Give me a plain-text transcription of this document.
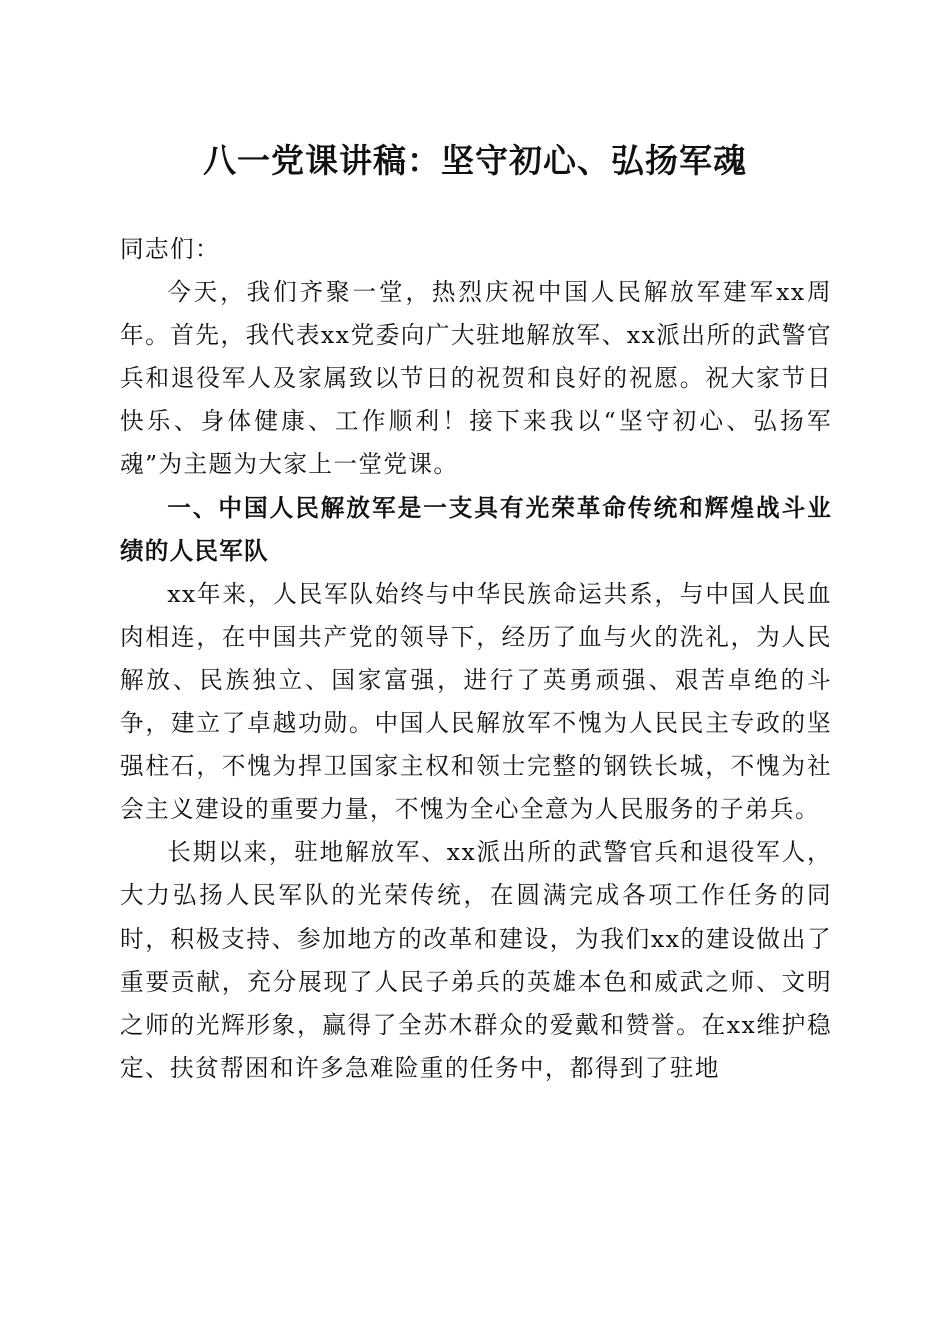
八一党课讲稿：坚守初心、弘扬军魂

同志们：

今天，我们齐聚一堂，热烈庆祝中国人民解放军建军xx周年。首先，我代表xx党委向广大驻地解放军、xx派出所的武警官兵和退役军人及家属致以节日的祝贺和良好的祝愿。祝大家节日快乐、身体健康、工作顺利！接下来我以“坚守初心、弘扬军魂”为主题为大家上一堂党课。

一、中国人民解放军是一支具有光荣革命传统和辉煌战斗业绩的人民军队

xx年来，人民军队始终与中华民族命运共系，与中国人民血肉相连，在中国共产党的领导下，经历了血与火的洗礼，为人民解放、民族独立、国家富强，进行了英勇顽强、艰苦卓绝的斗争，建立了卓越功勋。中国人民解放军不愧为人民民主专政的坚强柱石，不愧为捍卫国家主权和领士完整的钢铁长城，不愧为社会主义建设的重要力量，不愧为全心全意为人民服务的子弟兵。

长期以来，驻地解放军、xx派出所的武警官兵和退役军人，大力弘扬人民军队的光荣传统，在圆满完成各项工作任务的同时，积极支持、参加地方的改革和建设，为我们xx的建设做出了重要贡献，充分展现了人民子弟兵的英雄本色和威武之师、文明之师的光辉形象，赢得了全苏木群众的爱戴和赞誉。在xx维护稳定、扶贫帮困和许多急难险重的任务中，都得到了驻地
